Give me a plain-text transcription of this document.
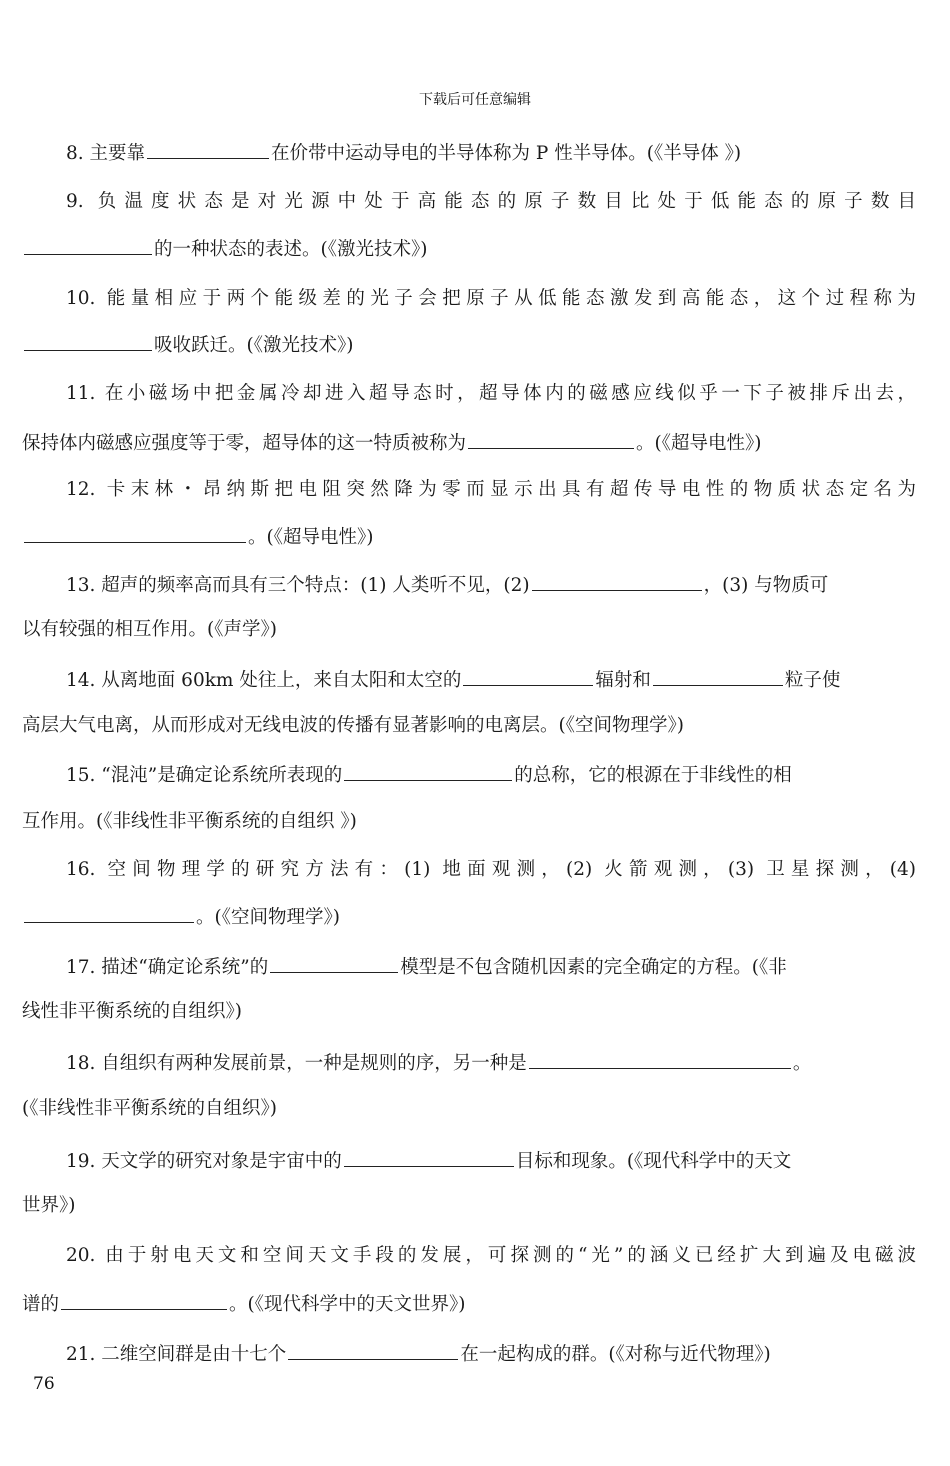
下载后可任意编辑
8. 主要靠	在价带中运动导电的半导体称为 P 性半导体。(《半导体 》)
9. 负温度状态是对光源中处于高能态的原子数目比处于低能态的原子数目
的一种状态的表述。(《激光技术》)
10. 能量相应于两个能级差的光子会把原子从低能态激发到高能态，这个过程称为
吸收跃迁。(《激光技术》)
11. 在小磁场中把金属冷却进入超导态时，超导体内的磁感应线似乎一下子被排斥出去，
保持体内磁感应强度等于零，超导体的这一特质被称为	。(《超导电性》)
12. 卡末林・昂纳斯把电阻突然降为零而显示出具有超传导电性的物质状态定名为
。(《超导电性》)
13. 超声的频率高而具有三个特点：(1) 人类听不见，(2)	，(3) 与物质可
以有较强的相互作用。(《声学》)
14. 从离地面 60km 处往上，来自太阳和太空的	辐射和	粒子使
高层大气电离，从而形成对无线电波的传播有显著影响的电离层。(《空间物理学》)
15. “混沌”是确定论系统所表现的	的总称，它的根源在于非线性的相
互作用。(《非线性非平衡系统的自组织 》)
16. 空间物理学的研究方法有：(1) 地面观测，(2) 火箭观测，(3) 卫星探测，(4)
。(《空间物理学》)
17. 描述“确定论系统”的	模型是不包含随机因素的完全确定的方程。(《非
线性非平衡系统的自组织》)
18. 自组织有两种发展前景，一种是规则的序，另一种是	。
(《非线性非平衡系统的自组织》)
19. 天文学的研究对象是宇宙中的	目标和现象。(《现代科学中的天文
世界》)
20. 由于射电天文和空间天文手段的发展，可探测的“光”的涵义已经扩大到遍及电磁波
谱的	。(《现代科学中的天文世界》)
21. 二维空间群是由十七个	在一起构成的群。(《对称与近代物理》)
76
